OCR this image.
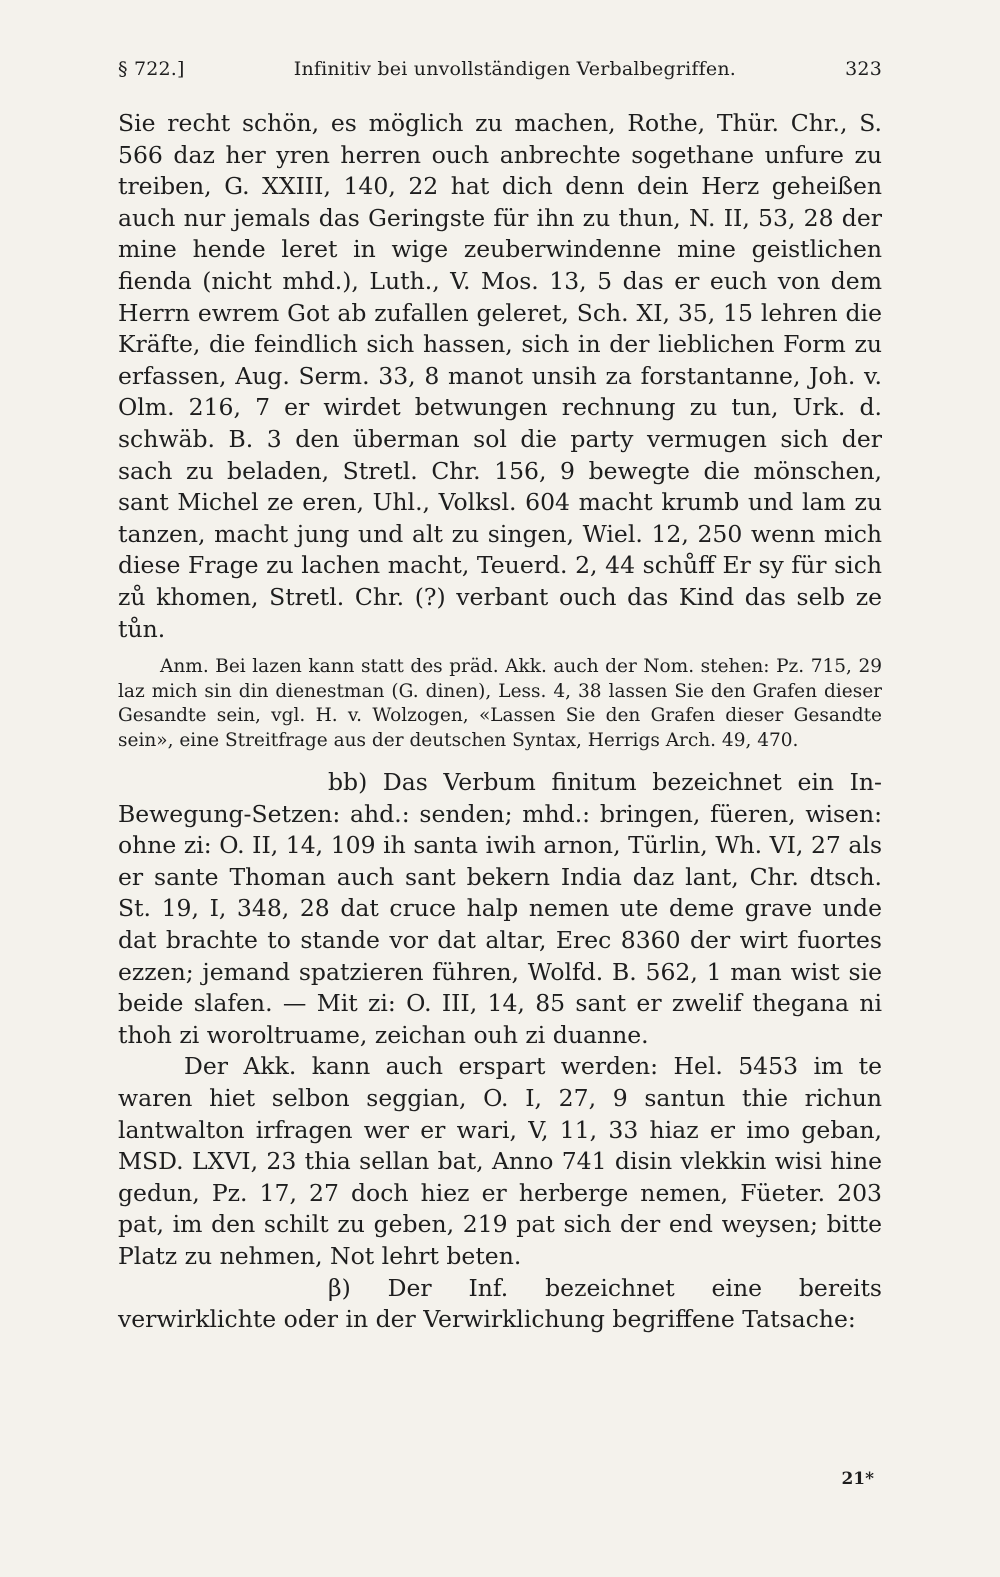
§ 722.]	Infinitiv bei unvollständigen Verbalbegriffen.	323

Sie recht schön, es möglich zu machen, Rothe, Thür. Chr., S. 566 daz her yren herren ouch anbrechte sogethane unfure zu treiben, G. XXIII, 140, 22 hat dich denn dein Herz geheißen auch nur jemals das Geringste für ihn zu thun, N. II, 53, 28 der mine hende leret in wige zeuberwindenne mine geistlichen fienda (nicht mhd.), Luth., V. Mos. 13, 5 das er euch von dem Herrn ewrem Got ab zufallen geleret, Sch. XI, 35, 15 lehren die Kräfte, die feindlich sich hassen, sich in der lieblichen Form zu erfassen, Aug. Serm. 33, 8 manot unsih za forstantanne, Joh. v. Olm. 216, 7 er wirdet betwungen rechnung zu tun, Urk. d. schwäb. B. 3 den überman sol die party vermugen sich der sach zu beladen, Stretl. Chr. 156, 9 bewegte die mönschen, sant Michel ze eren, Uhl., Volksl. 604 macht krumb und lam zu tanzen, macht jung und alt zu singen, Wiel. 12, 250 wenn mich diese Frage zu lachen macht, Teuerd. 2, 44 schůff Er sy für sich zů khomen, Stretl. Chr. (?) verbant ouch das Kind das selb ze tůn.

Anm. Bei lazen kann statt des präd. Akk. auch der Nom. stehen: Pz. 715, 29 laz mich sin din dienestman (G. dinen), Less. 4, 38 lassen Sie den Grafen dieser Gesandte sein, vgl. H. v. Wolzogen, «Lassen Sie den Grafen dieser Gesandte sein», eine Streitfrage aus der deutschen Syntax, Herrigs Arch. 49, 470.

bb) Das Verbum finitum bezeichnet ein In-Bewegung-Setzen: ahd.: senden; mhd.: bringen, füeren, wisen: ohne zi: O. II, 14, 109 ih santa iwih arnon, Türlin, Wh. VI, 27 als er sante Thoman auch sant bekern India daz lant, Chr. dtsch. St. 19, I, 348, 28 dat cruce halp nemen ute deme grave unde dat brachte to stande vor dat altar, Erec 8360 der wirt fuortes ezzen; jemand spatzieren führen, Wolfd. B. 562, 1 man wist sie beide slafen. — Mit zi: O. III, 14, 85 sant er zwelif thegana ni thoh zi woroltruame, zeichan ouh zi duanne.

Der Akk. kann auch erspart werden: Hel. 5453 im te waren hiet selbon seggian, O. I, 27, 9 santun thie richun lantwalton irfragen wer er wari, V, 11, 33 hiaz er imo geban, MSD. LXVI, 23 thia sellan bat, Anno 741 disin vlekkin wisi hine gedun, Pz. 17, 27 doch hiez er herberge nemen, Füeter. 203 pat, im den schilt zu geben, 219 pat sich der end weysen; bitte Platz zu nehmen, Not lehrt beten.

β) Der Inf. bezeichnet eine bereits verwirklichte oder in der Verwirklichung begriffene Tatsache:

21*
